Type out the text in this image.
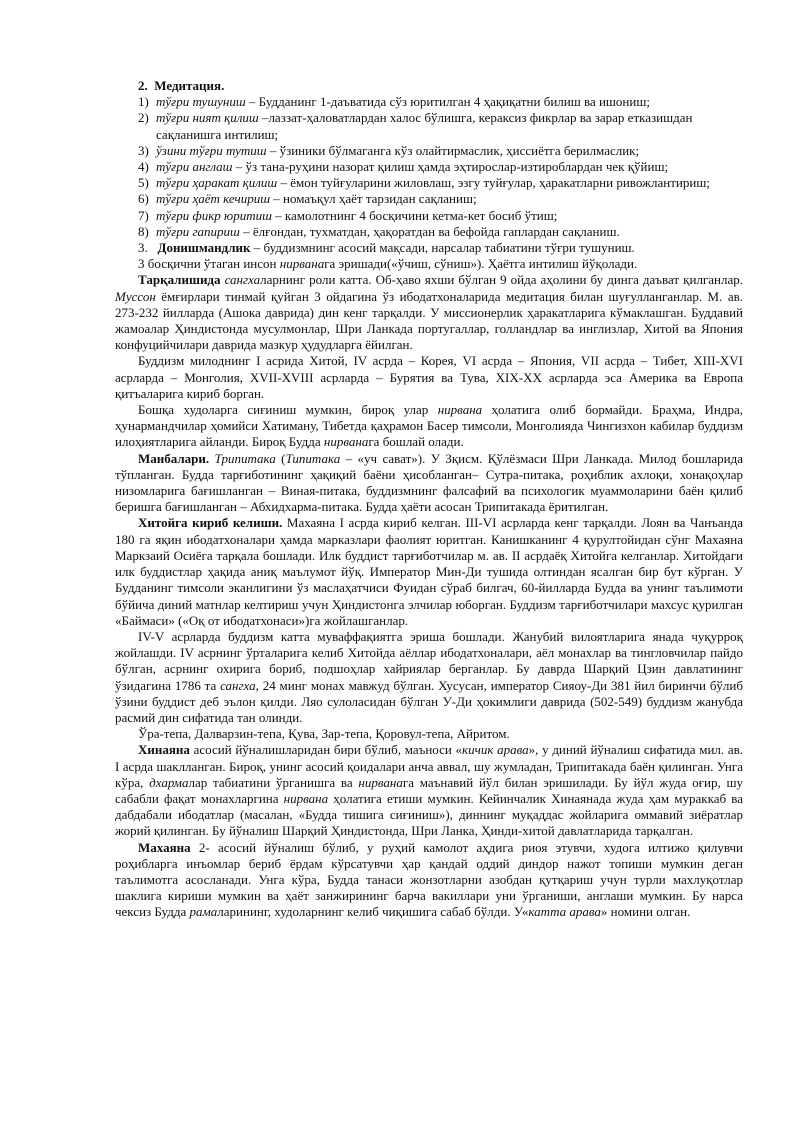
2. Медитация.

1) тўғри тушуниш – Будданинг 1-даъватида сўз юритилган 4 ҳақиқатни билиш ва ишониш;
2) тўғри ният қилиш –лаззат-ҳаловатлардан халос бўлишга, кераксиз фикрлар ва зарар етказишдан сақланишга интилиш;
3) ўзини тўғри тутиш – ўзиники бўлмаганга кўз олайтирмаслик, ҳиссиётга берилмаслик;
4) тўғри англаш – ўз тана-руҳини назорат қилиш ҳамда эҳтирослар-изтироблардан чек қўйиш;
5) тўғри ҳаракат қилиш – ёмон туйғуларини жиловлаш, эзгу туйғулар, ҳаракатларни ривожлантириш;
6) тўғри ҳаёт кечириш – номаъқул ҳаёт тарзидан сақланиш;
7) тўғри фикр юритиш – камолотнинг 4 босқичини кетма-кет босиб ўтиш;
8) тўғри гапириш – ёлғондан, тухматдан, ҳақоратдан ва бефойда гаплардан сақланиш.

3. Донишмандлик – буддизмнинг асосий мақсади, нарсалар табиатини тўғри тушуниш.

3 босқични ўтаган инсон нирванага эришади(«ўчиш, сўниш»). Ҳаётга интилиш йўқолади.

Тарқалишида сангхаларнинг роли катта. Об-ҳаво яхши бўлган 9 ойда аҳолини бу динга даъват қилганлар. Муссон ёмғирлари тинмай қуйган 3 ойдагина ўз ибодатхоналарида медитация билан шуғулланганлар. М. ав. 273-232 йилларда (Ашока даврида) дин кенг тарқалди. У миссионерлик ҳаракатларига кўмаклашган. Буддавий жамоалар Ҳиндистонда мусулмонлар, Шри Ланкада португаллар, голландлар ва инглизлар, Хитой ва Япония конфуцийчилари даврида мазкур ҳудудларга ёйилган.

Буддизм милоднинг I асрида Хитой, IV асрда – Корея, VI асрда – Япония, VII асрда – Тибет, XIII-XVI асрларда – Монголия, XVII-XVIII асрларда – Бурятия ва Тува, XIX-XX асрларда эса Америка ва Европа қитъаларига кириб борган.

Бошқа худоларга сиғиниш мумкин, бироқ улар нирвана ҳолатига олиб бормайди. Браҳма, Индра, ҳунармандчилар ҳомийси Хатиману, Тибетда қаҳрамон Басер тимсоли, Монголияда Чингизхон кабилар буддизм илоҳиятларига айланди. Бироқ Будда нирванага бошлай олади.

Манбалари. Трипитака (Типитака – «уч сават»). У Зқисм. Қўлёзмаси Шри Ланкада. Милод бошларида тўпланган. Будда тарғиботининг ҳақиқий баёни ҳисобланган– Сутра-питака, роҳиблик ахлоқи, хонақоҳлар низомларига бағишланган – Виная-питака, буддизмнинг фалсафий ва психологик муаммоларини баён қилиб беришга бағишланган – Абхидхарма-питака. Будда ҳаёти асосан Трипитакада ёритилган.

Хитойга кириб келиши. Махаяна I асрда кириб келган. III-VI асрларда кенг тарқалди. Лоян ва Чанъанда 180 га яқин ибодатхоналари ҳамда марказлари фаолият юритган. Канишканинг 4 қурултойидан сўнг Махаяна Маркзаий Осиёга тарқала бошлади. Илк буддист тарғиботчилар м. ав. II асрдаёқ Хитойга келганлар. Хитойдаги илк буддистлар ҳақида аниқ маълумот йўқ. Император Мин-Ди тушида олтиндан ясалган бир бут кўрган. У Будданинг тимсоли эканлигини ўз маслаҳатчиси Фуидан сўраб билгач, 60-йилларда Будда ва унинг таълимоти бўйича диний матнлар келтириш учун Ҳиндистонга элчилар юборган. Буддизм тарғиботчилари махсус қурилган «Баймаси» («Оқ от ибодатхонаси»)га жойлашганлар.

IV-V асрларда буддизм катта муваффақиятга эриша бошлади. Жанубий вилоятларига янада чуқурроқ жойлашди. IV асрнинг ўрталарига келиб Хитойда аёллар ибодатхоналари, аёл монахлар ва тингловчилар пайдо бўлган, асрнинг охирига бориб, подшоҳлар хайриялар берганлар. Бу даврда Шарқий Цзин давлатининг ўзидагина 1786 та сангха, 24 минг монах мавжуд бўлган. Хусусан, император Сияоу-Ди 381 йил биринчи бўлиб ўзини буддист деб эълон қилди. Ляо сулоласидан бўлган У-Ди ҳокимлиги даврида (502-549) буддизм жанубда расмий дин сифатида тан олинди.

Ўра-тепа, Далварзин-тепа, Қува, Зар-тепа, Қоровул-тепа, Айритом.

Хинаяна асосий йўналишларидан бири бўлиб, маъноси «кичик арава», у диний йўналиш сифатида мил. ав. I асрда шаклланган. Бироқ, унинг асосий қоидалари анча аввал, шу жумладан, Трипитакада баён қилинган. Унга кўра, дхармалар табиатини ўрганишга ва нирванага маънавий йўл билан эришилади. Бу йўл жуда оғир, шу сабабли фақат монахларгина нирвана ҳолатига етиши мумкин. Кейинчалик Хинаянада жуда ҳам мураккаб ва дабдабали ибодатлар (масалан, «Будда тишига сиғиниш»), диннинг муқаддас жойларига оммавий зиёратлар жорий қилинган. Бу йўналиш Шарқий Ҳиндистонда, Шри Ланка, Ҳинди-хитой давлатларида тарқалган.

Махаяна 2- асосий йўналиш бўлиб, у руҳий камолот аҳдига риоя этувчи, худога илтижо қилувчи роҳибларга инъомлар бериб ёрдам кўрсатувчи ҳар қандай оддий диндор нажот топиши мумкин деган таълимотга асосланади. Унга кўра, Будда танаси жонзотларни азобдан қутқариш учун турли махлуқотлар шаклига кириши мумкин ва ҳаёт занжирининг барча вакиллари уни ўрганиши, англаши мумкин. Бу нарса чексиз Будда рамаларининг, худоларнинг келиб чиқишига сабаб бўлди. У«катта арава» номини олган.
